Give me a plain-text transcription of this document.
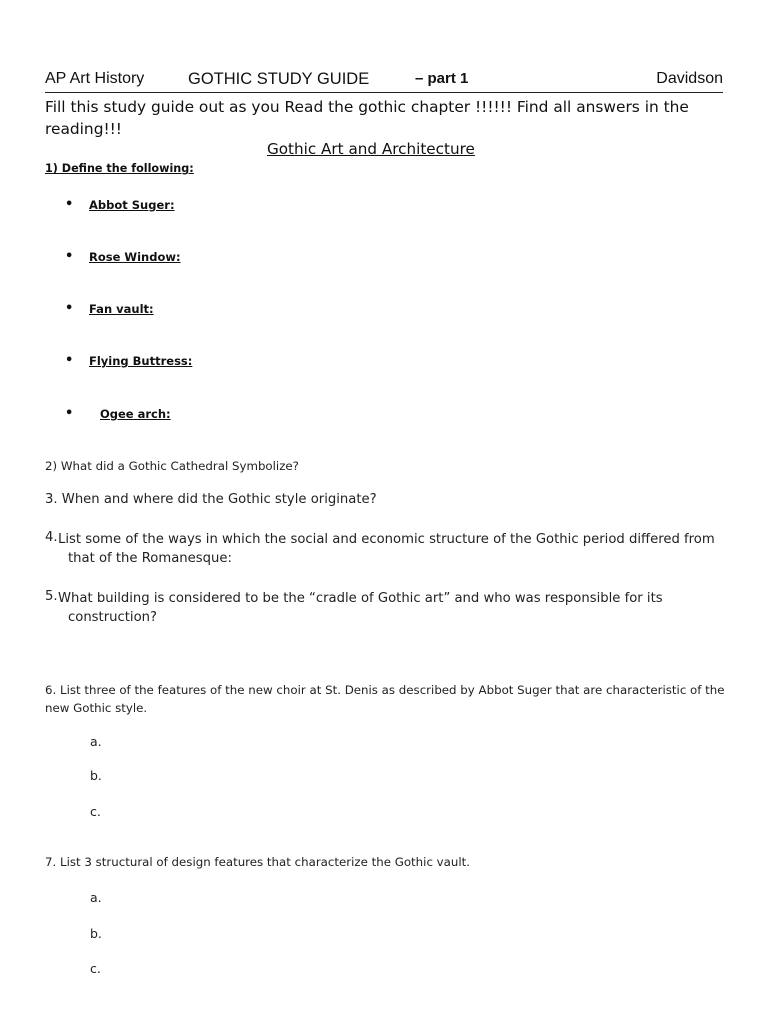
AP Art History	GOTHIC STUDY GUIDE	– part 1	Davidson
Fill this study guide out as you Read the gothic chapter !!!!!! Find all answers in the reading!!!
Gothic Art and Architecture
1) Define the following:
• Abbot Suger:
• Rose Window:
• Fan vault:
• Flying Buttress:
• Ogee arch:
2) What did a Gothic Cathedral Symbolize?
3. When and where did the Gothic style originate?
4. List some of the ways in which the social and economic structure of the Gothic period differed from that of the Romanesque:
5. What building is considered to be the “cradle of Gothic art” and who was responsible for its construction?
6. List three of the features of the new choir at St. Denis as described by Abbot Suger that are characteristic of the new Gothic style.
a.
b.
c.
7. List 3 structural of design features that characterize the Gothic vault.
a.
b.
c.
